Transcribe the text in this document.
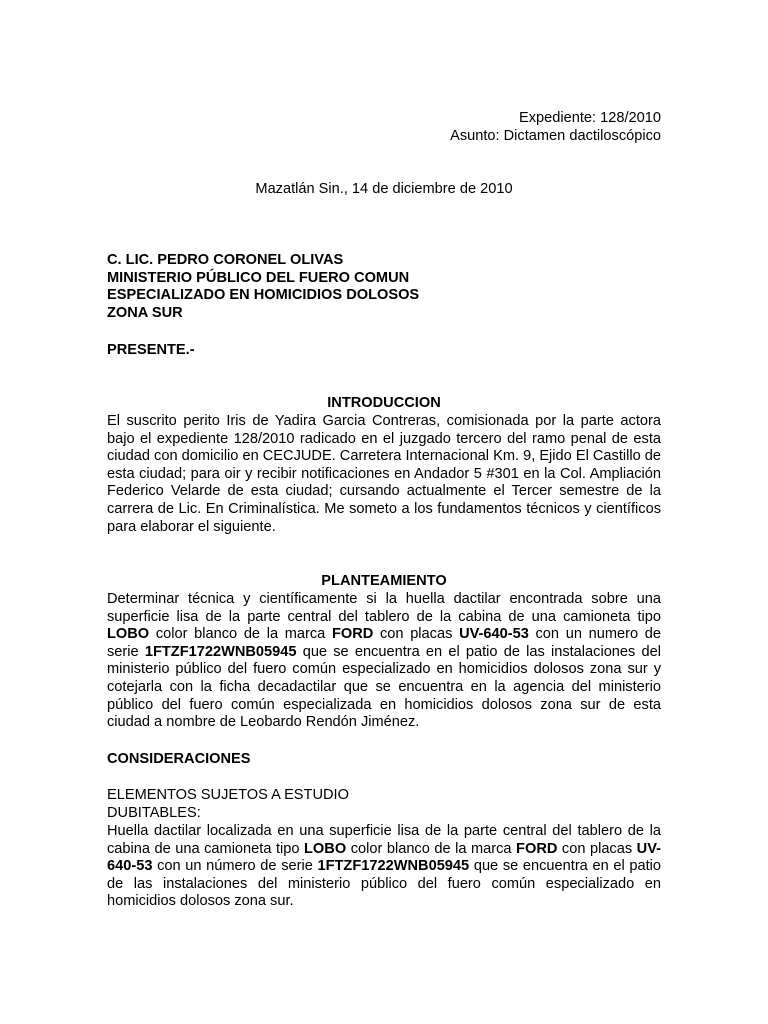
Expediente: 128/2010
Asunto: Dictamen dactiloscópico
Mazatlán Sin., 14 de diciembre de 2010

C. LIC. PEDRO CORONEL OLIVAS

MINISTERIO PÚBLICO DEL FUERO COMUN

ESPECIALIZADO EN HOMICIDIOS DOLOSOS

ZONA SUR

PRESENTE.-
INTRODUCCION
El suscrito perito Iris de Yadira Garcia Contreras, comisionada por la parte actora bajo el expediente 128/2010 radicado en el juzgado tercero del ramo penal de esta ciudad con domicilio en CECJUDE. Carretera Internacional Km. 9, Ejido El Castillo de esta ciudad; para oir y recibir notificaciones en Andador 5 #301 en la Col. Ampliación Federico Velarde de esta ciudad; cursando actualmente el Tercer semestre de la carrera de Lic. En Criminalística. Me someto a los fundamentos técnicos y científicos para elaborar el siguiente.
PLANTEAMIENTO
Determinar técnica y científicamente si la huella dactilar encontrada sobre una superficie lisa de la parte central del tablero de la cabina de una camioneta tipo LOBO color blanco de la marca FORD con placas UV-640-53 con un numero de serie 1FTZF1722WNB05945 que se encuentra en el patio de las instalaciones del ministerio público del fuero común especializado en homicidios dolosos zona sur y cotejarla con la ficha decadactilar que se encuentra en la agencia del ministerio público del fuero común especializada en homicidios dolosos zona sur de esta ciudad a nombre de Leobardo Rendón Jiménez.
CONSIDERACIONES
ELEMENTOS SUJETOS A ESTUDIO
DUBITABLES:
Huella dactilar localizada en una superficie lisa de la parte central del tablero de la cabina de una camioneta tipo LOBO color blanco de la marca FORD con placas UV-640-53 con un número de serie 1FTZF1722WNB05945 que se encuentra en el patio de las instalaciones del ministerio público del fuero común especializado en homicidios dolosos zona sur.
